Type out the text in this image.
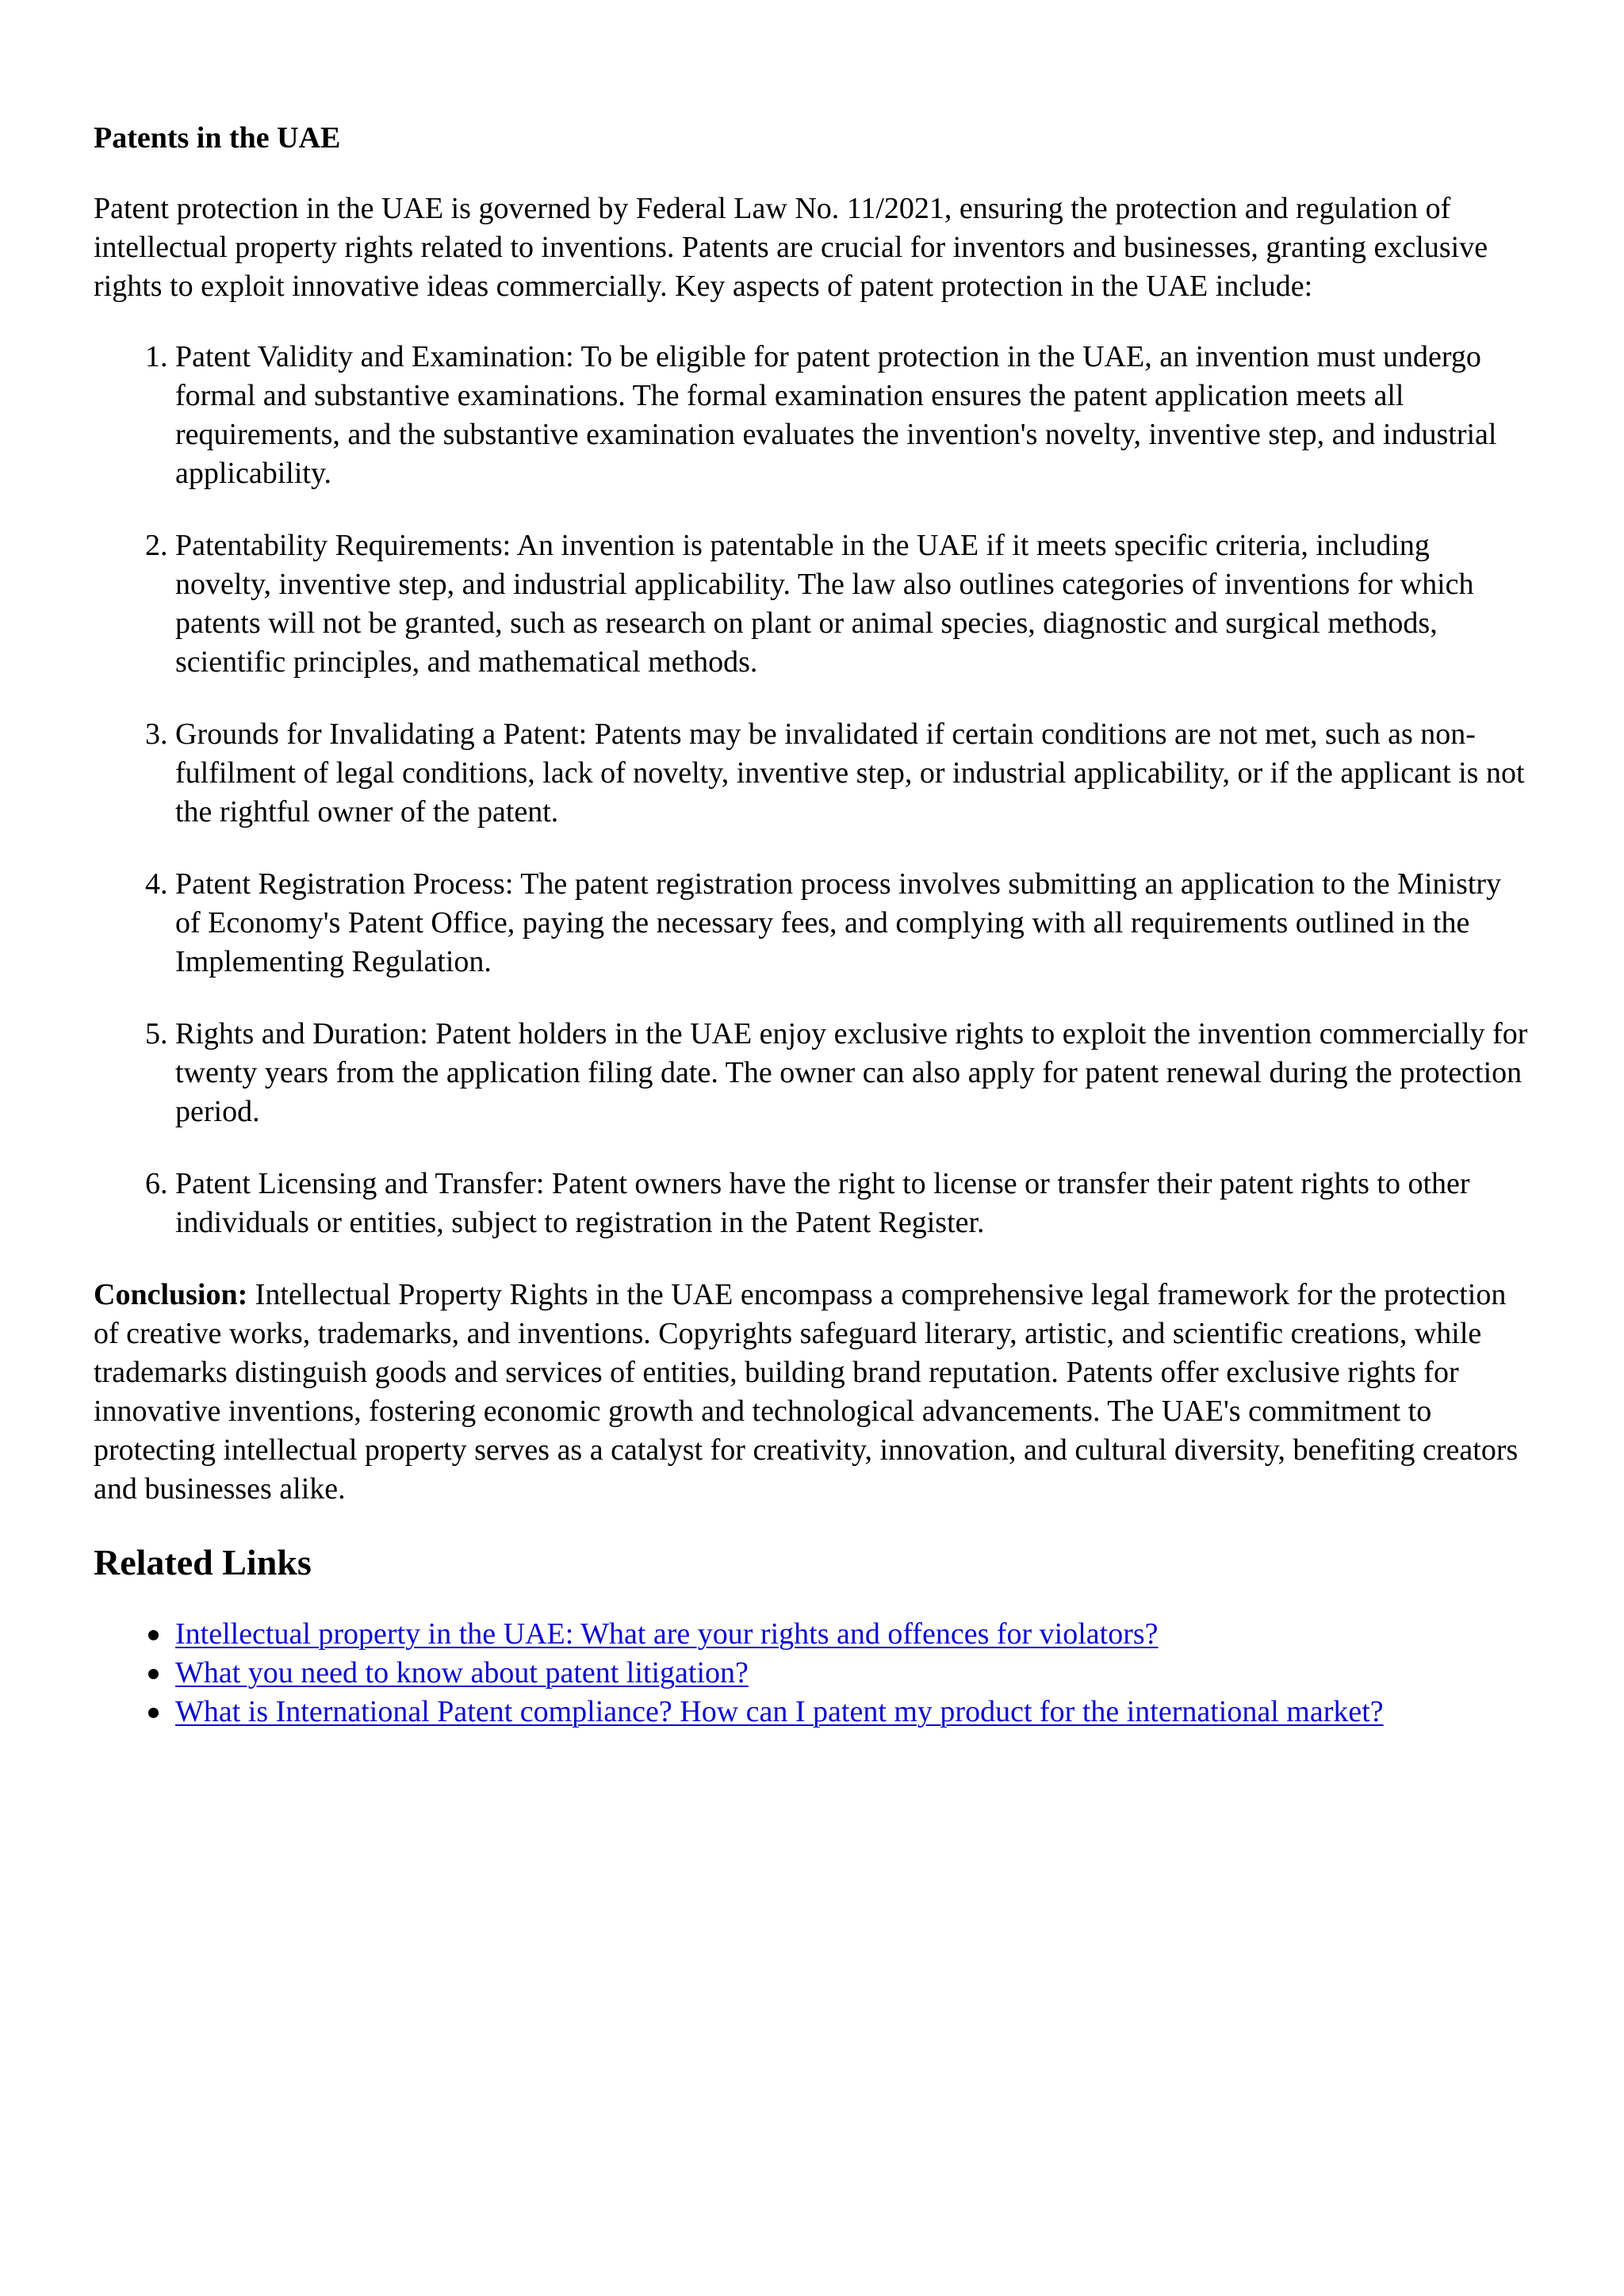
Patents in the UAE

Patent protection in the UAE is governed by Federal Law No. 11/2021, ensuring the protection and regulation of intellectual property rights related to inventions. Patents are crucial for inventors and businesses, granting exclusive rights to exploit innovative ideas commercially. Key aspects of patent protection in the UAE include:

1. Patent Validity and Examination: To be eligible for patent protection in the UAE, an invention must undergo formal and substantive examinations. The formal examination ensures the patent application meets all requirements, and the substantive examination evaluates the invention's novelty, inventive step, and industrial applicability.
2. Patentability Requirements: An invention is patentable in the UAE if it meets specific criteria, including novelty, inventive step, and industrial applicability. The law also outlines categories of inventions for which patents will not be granted, such as research on plant or animal species, diagnostic and surgical methods, scientific principles, and mathematical methods.
3. Grounds for Invalidating a Patent: Patents may be invalidated if certain conditions are not met, such as non-fulfilment of legal conditions, lack of novelty, inventive step, or industrial applicability, or if the applicant is not the rightful owner of the patent.
4. Patent Registration Process: The patent registration process involves submitting an application to the Ministry of Economy's Patent Office, paying the necessary fees, and complying with all requirements outlined in the Implementing Regulation.
5. Rights and Duration: Patent holders in the UAE enjoy exclusive rights to exploit the invention commercially for twenty years from the application filing date. The owner can also apply for patent renewal during the protection period.
6. Patent Licensing and Transfer: Patent owners have the right to license or transfer their patent rights to other individuals or entities, subject to registration in the Patent Register.

Conclusion: Intellectual Property Rights in the UAE encompass a comprehensive legal framework for the protection of creative works, trademarks, and inventions. Copyrights safeguard literary, artistic, and scientific creations, while trademarks distinguish goods and services of entities, building brand reputation. Patents offer exclusive rights for innovative inventions, fostering economic growth and technological advancements. The UAE's commitment to protecting intellectual property serves as a catalyst for creativity, innovation, and cultural diversity, benefiting creators and businesses alike.

Related Links
Intellectual property in the UAE: What are your rights and offences for violators?
What you need to know about patent litigation?
What is International Patent compliance? How can I patent my product for the international market?
